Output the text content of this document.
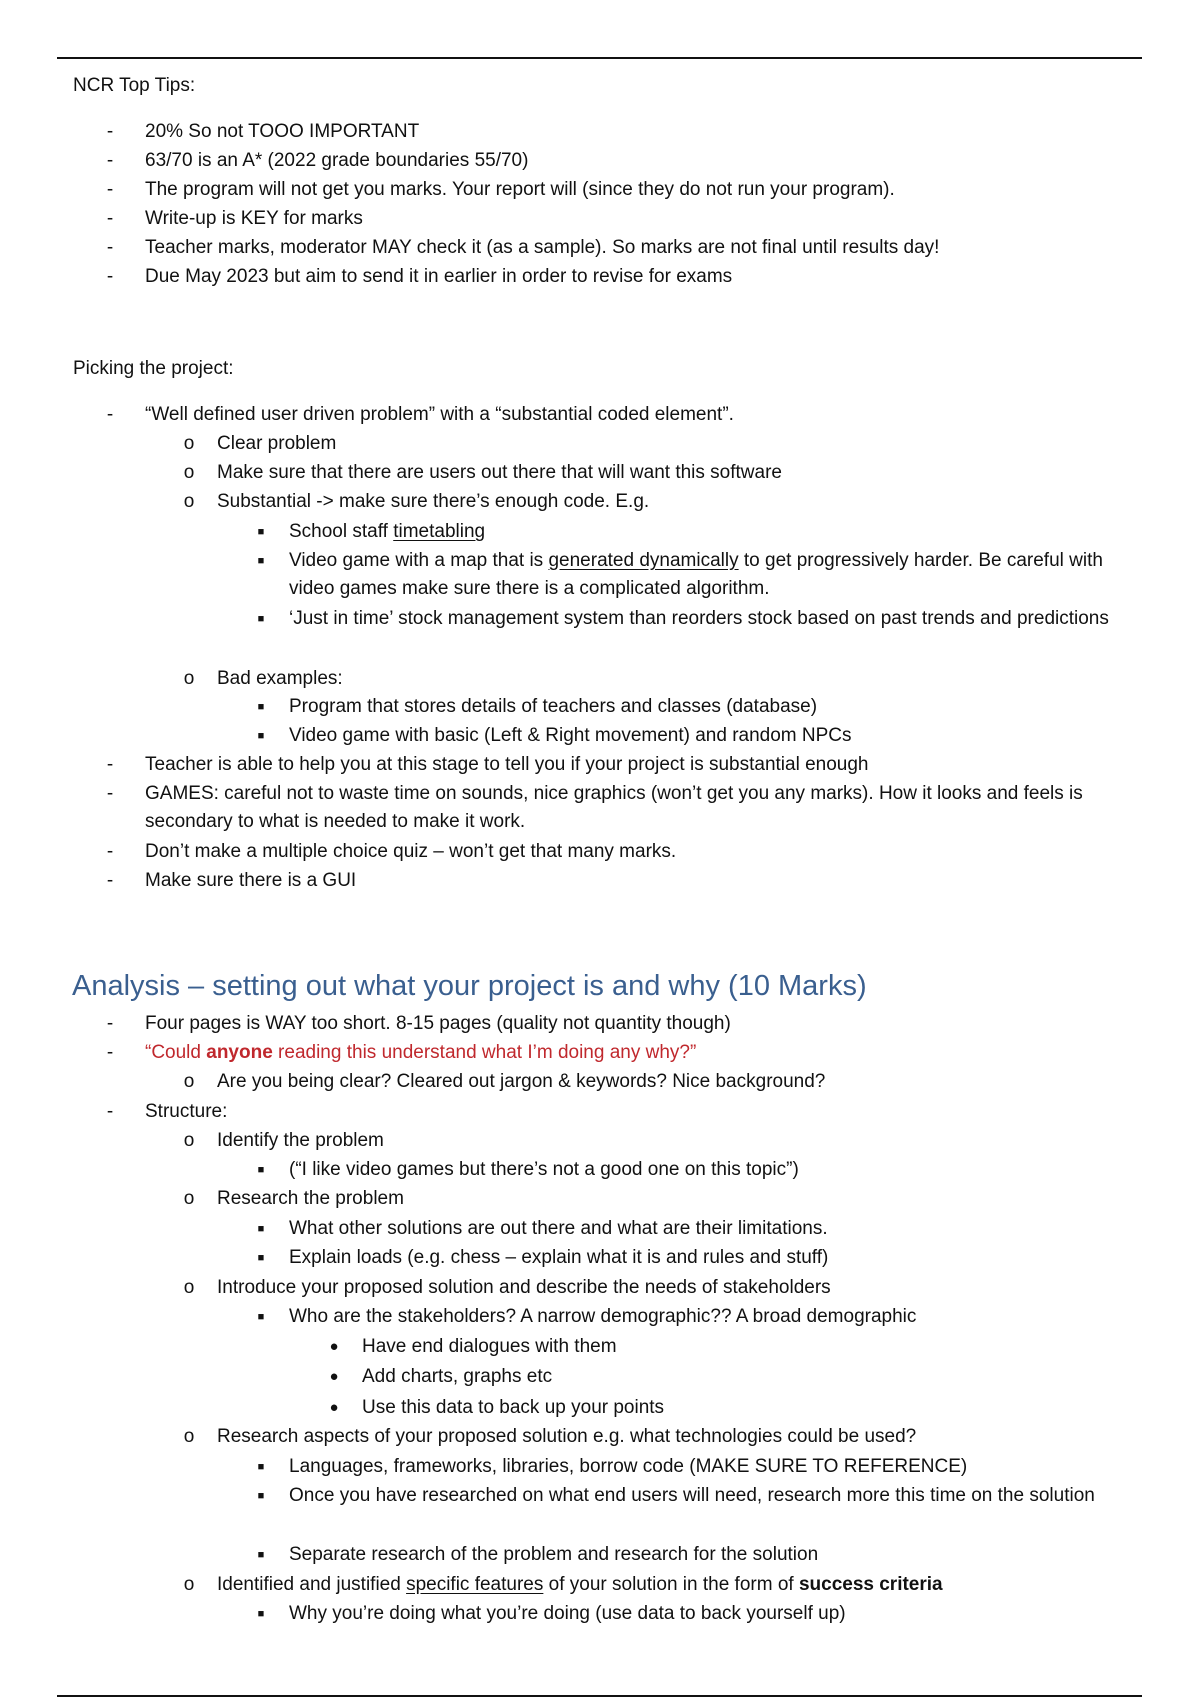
NCR Top Tips:
-	20% So not TOOO IMPORTANT
-	63/70 is an A* (2022 grade boundaries 55/70)
-	The program will not get you marks. Your report will (since they do not run your program).
-	Write-up is KEY for marks
-	Teacher marks, moderator MAY check it (as a sample). So marks are not final until results day!
-	Due May 2023 but aim to send it in earlier in order to revise for exams
Picking the project:
-	“Well defined user driven problem” with a “substantial coded element”.
o Clear problem
o Make sure that there are users out there that will want this software
o Substantial -> make sure there’s enough code. E.g.
■	School staff timetabling
■	Video game with a map that is generated dynamically to get progressively harder. Be careful with video games make sure there is a complicated algorithm.
■	‘Just in time’ stock management system than reorders stock based on past trends and predictions
o Bad examples:
■	Program that stores details of teachers and classes (database)
■	Video game with basic (Left & Right movement) and random NPCs
-	Teacher is able to help you at this stage to tell you if your project is substantial enough
-	GAMES: careful not to waste time on sounds, nice graphics (won’t get you any marks). How it looks and feels is secondary to what is needed to make it work.
-	Don’t make a multiple choice quiz – won’t get that many marks.
-	Make sure there is a GUI
Analysis – setting out what your project is and why (10 Marks)
-	Four pages is WAY too short. 8-15 pages (quality not quantity though)
-	“Could anyone reading this understand what I’m doing any why?”
o Are you being clear? Cleared out jargon & keywords? Nice background?
-	Structure:
o Identify the problem
■	(“I like video games but there’s not a good one on this topic”)
o Research the problem
■	What other solutions are out there and what are their limitations.
■	Explain loads (e.g. chess – explain what it is and rules and stuff)
o Introduce your proposed solution and describe the needs of stakeholders
■	Who are the stakeholders? A narrow demographic?? A broad demographic
● Have end dialogues with them
● Add charts, graphs etc
● Use this data to back up your points
o Research aspects of your proposed solution e.g. what technologies could be used?
■	Languages, frameworks, libraries, borrow code (MAKE SURE TO REFERENCE)
■	Once you have researched on what end users will need, research more this time on the solution
■	Separate research of the problem and research for the solution
o Identified and justified specific features of your solution in the form of success criteria
■	Why you’re doing what you’re doing (use data to back yourself up)
